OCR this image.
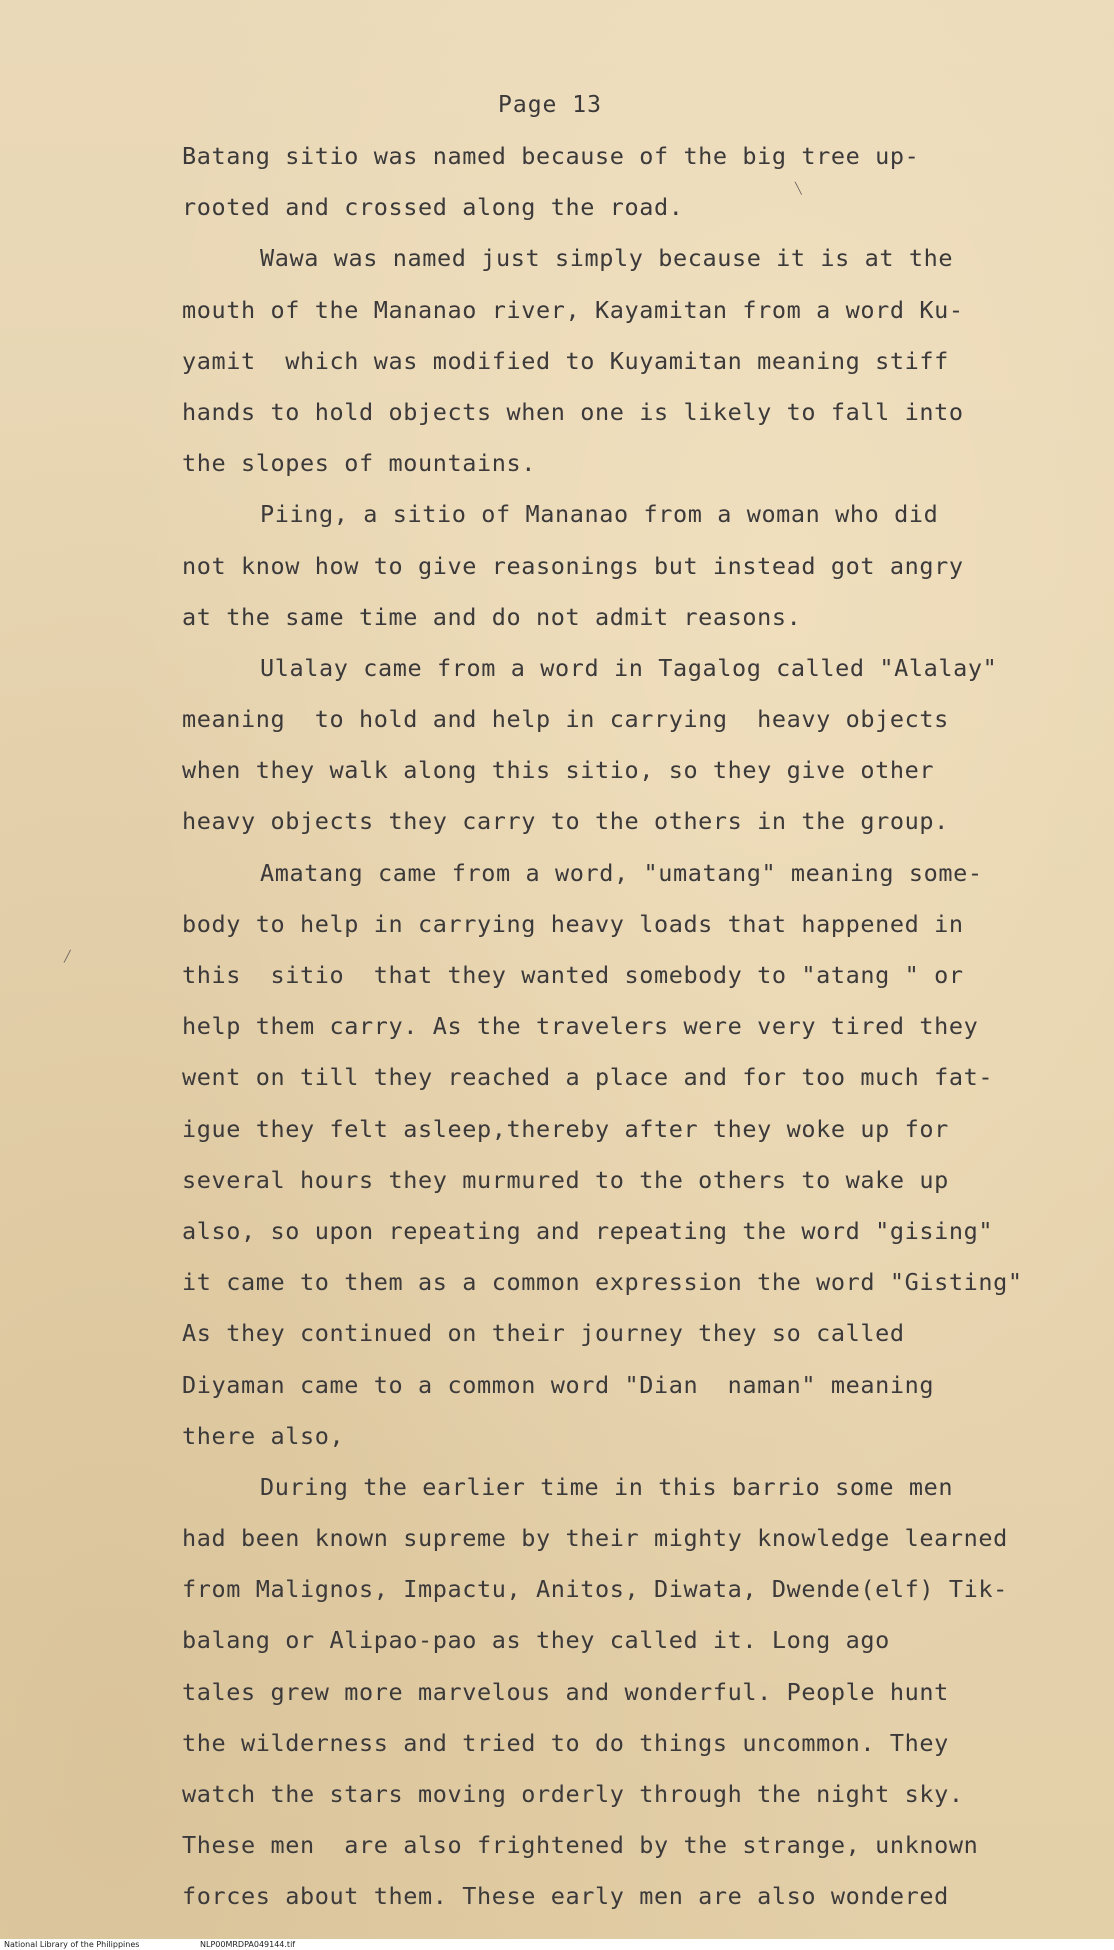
Page 13
Batang sitio was named because of the big tree up-
rooted and crossed along the road.
Wawa was named just simply because it is at the
mouth of the Mananao river, Kayamitan from a word Ku-
yamit  which was modified to Kuyamitan meaning stiff
hands to hold objects when one is likely to fall into
the slopes of mountains.
Piing, a sitio of Mananao from a woman who did
not know how to give reasonings but instead got angry
at the same time and do not admit reasons.
Ulalay came from a word in Tagalog called "Alalay"
meaning  to hold and help in carrying  heavy objects
when they walk along this sitio, so they give other
heavy objects they carry to the others in the group.
Amatang came from a word, "umatang" meaning some-
body to help in carrying heavy loads that happened in
this  sitio  that they wanted somebody to "atang " or
help them carry. As the travelers were very tired they
went on till they reached a place and for too much fat-
igue they felt asleep,thereby after they woke up for
several hours they murmured to the others to wake up
also, so upon repeating and repeating the word "gising"
it came to them as a common expression the word "Gisting"
As they continued on their journey they so called
Diyaman came to a common word "Dian  naman" meaning
there also,
During the earlier time in this barrio some men
had been known supreme by their mighty knowledge learned
from Malignos, Impactu, Anitos, Diwata, Dwende(elf) Tik-
balang or Alipao-pao as they called it. Long ago
tales grew more marvelous and wonderful. People hunt
the wilderness and tried to do things uncommon. They
watch the stars moving orderly through the night sky.
These men  are also frightened by the strange, unknown
forces about them. These early men are also wondered
╱
╲
National Library of the Philippines	NLP00MRDPA049144.tif
